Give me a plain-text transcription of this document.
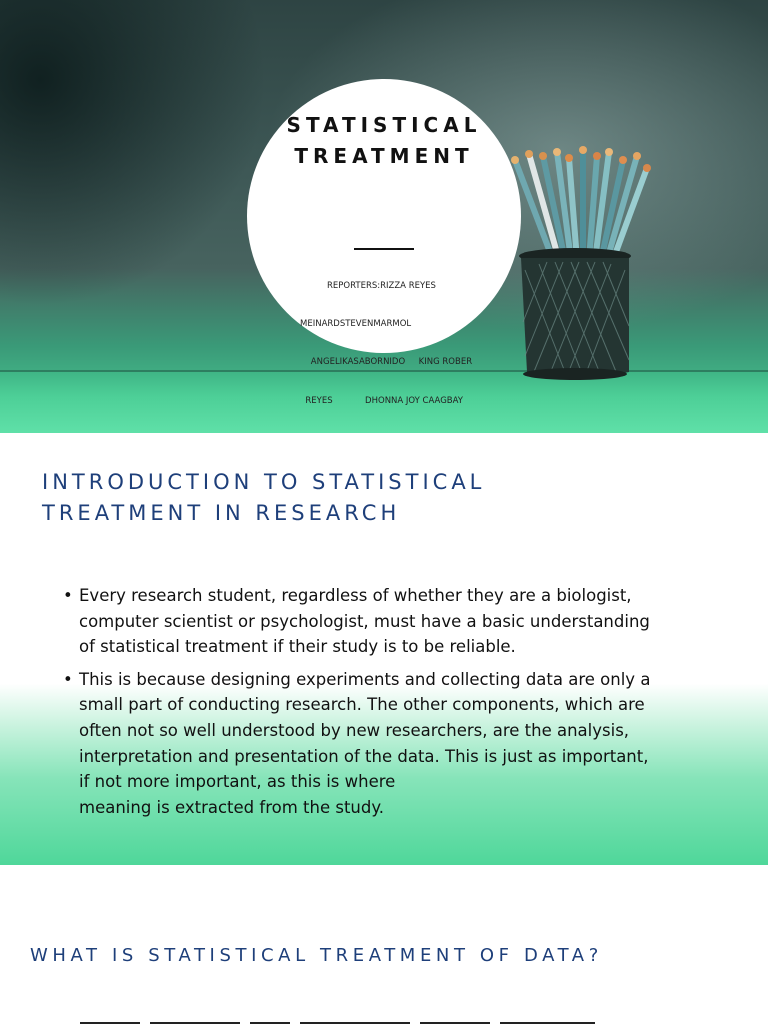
STATISTICAL
TREATMENT

REPORTERS:RIZZA REYES

MEINARDSTEVENMARMOL

ANGELIKASABORNIDO     KING ROBER

REYES            DHONNA JOY CAAGBAY

INTRODUCTION TO STATISTICAL
TREATMENT IN RESEARCH
• Every research student, regardless of whether they are a biologist,
computer scientist or psychologist, must have a basic understanding
of statistical treatment if their study is to be reliable.
• This is because designing experiments and collecting data are only a
small part of conducting research. The other components, which are
often not so well understood by new researchers, are the analysis,
interpretation and presentation of the data. This is just as important,
if not more important, as this is where
meaning is extracted from the study.
WHAT IS STATISTICAL TREATMENT OF DATA?
